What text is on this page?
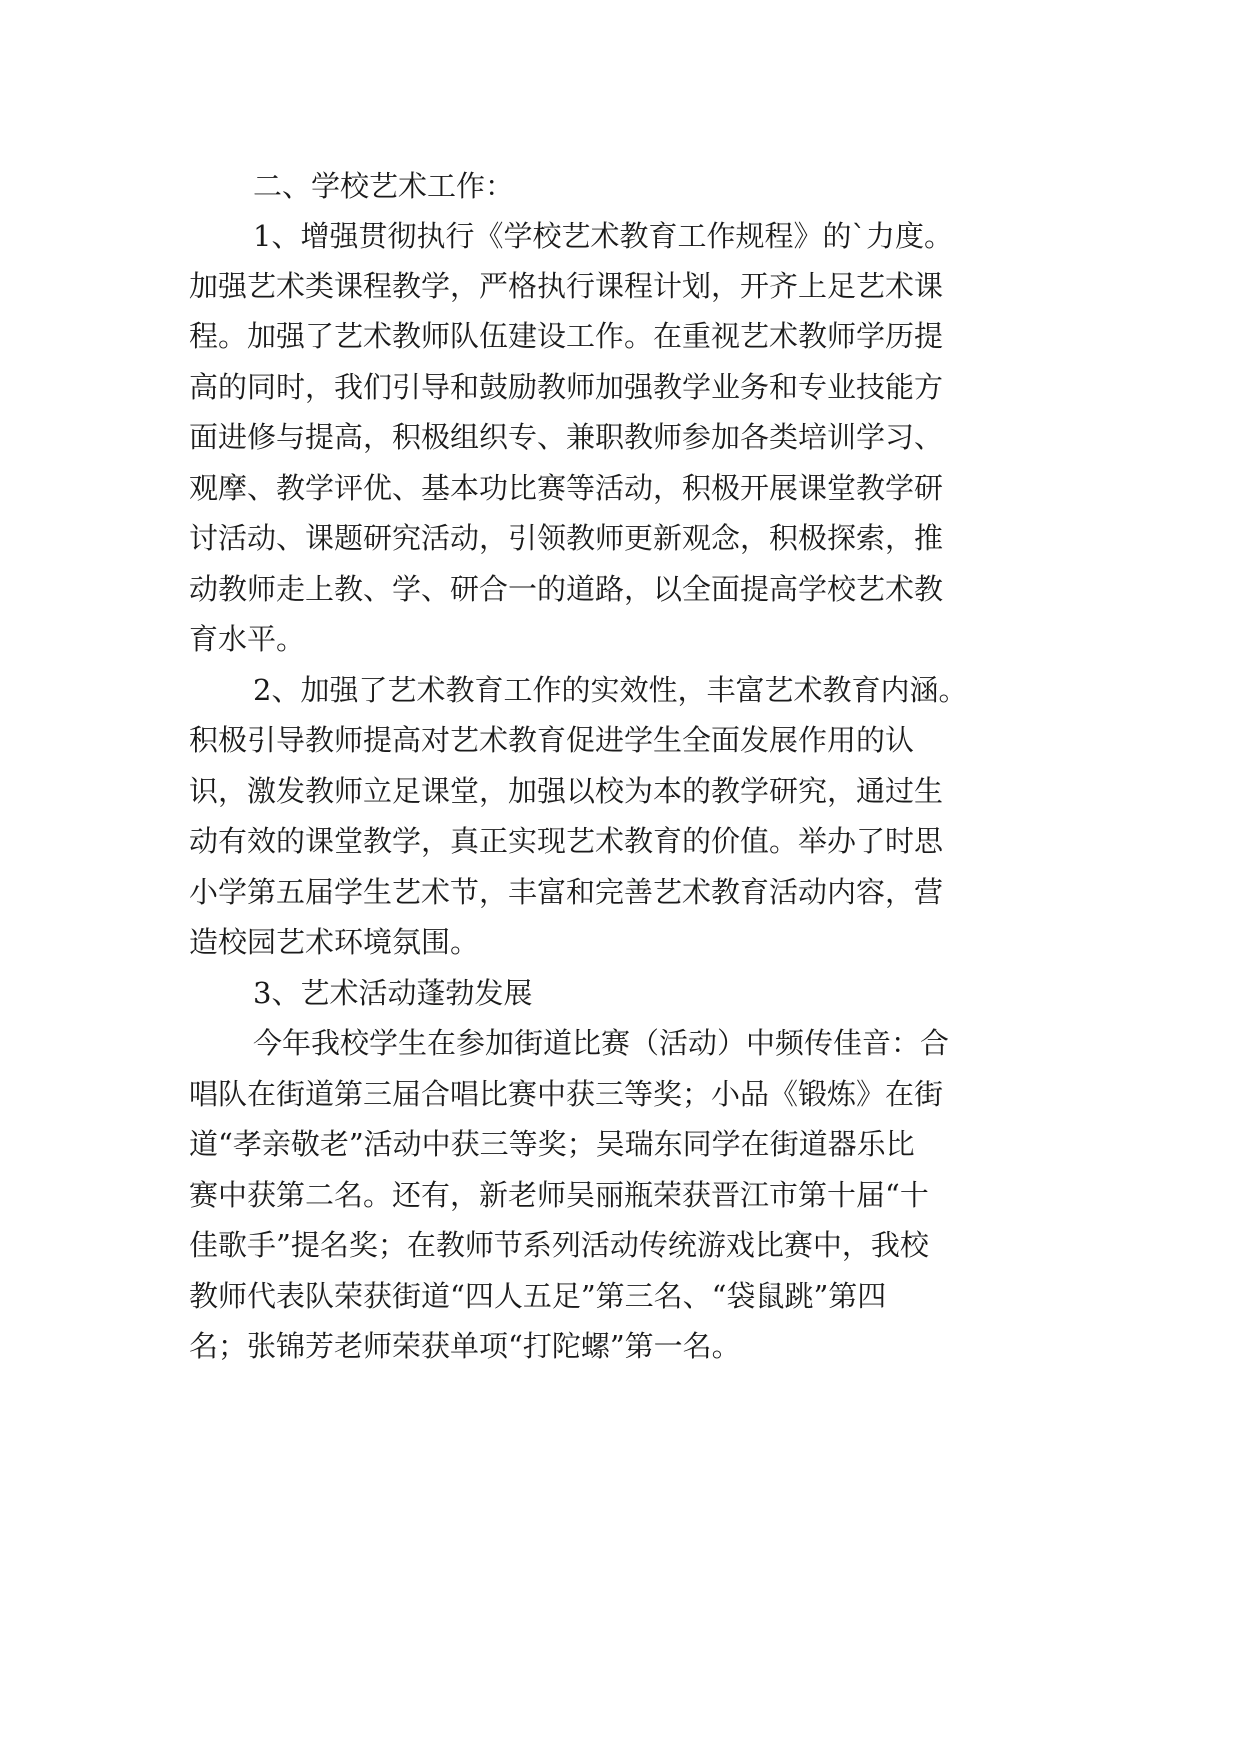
二、学校艺术工作：
1、增强贯彻执行《学校艺术教育工作规程》的`力度。
加强艺术类课程教学，严格执行课程计划，开齐上足艺术课
程。加强了艺术教师队伍建设工作。在重视艺术教师学历提
高的同时，我们引导和鼓励教师加强教学业务和专业技能方
面进修与提高，积极组织专、兼职教师参加各类培训学习、
观摩、教学评优、基本功比赛等活动，积极开展课堂教学研
讨活动、课题研究活动，引领教师更新观念，积极探索，推
动教师走上教、学、研合一的道路，以全面提高学校艺术教
育水平。
2、加强了艺术教育工作的实效性，丰富艺术教育内涵。
积极引导教师提高对艺术教育促进学生全面发展作用的认
识，激发教师立足课堂，加强以校为本的教学研究，通过生
动有效的课堂教学，真正实现艺术教育的价值。举办了时思
小学第五届学生艺术节，丰富和完善艺术教育活动内容，营
造校园艺术环境氛围。
3、艺术活动蓬勃发展
今年我校学生在参加街道比赛（活动）中频传佳音：合
唱队在街道第三届合唱比赛中获三等奖；小品《锻炼》在街
道“孝亲敬老”活动中获三等奖；吴瑞东同学在街道器乐比
赛中获第二名。还有，新老师吴丽瓶荣获晋江市第十届“十
佳歌手”提名奖；在教师节系列活动传统游戏比赛中，我校
教师代表队荣获街道“四人五足”第三名、“袋鼠跳”第四
名；张锦芳老师荣获单项“打陀螺”第一名。
